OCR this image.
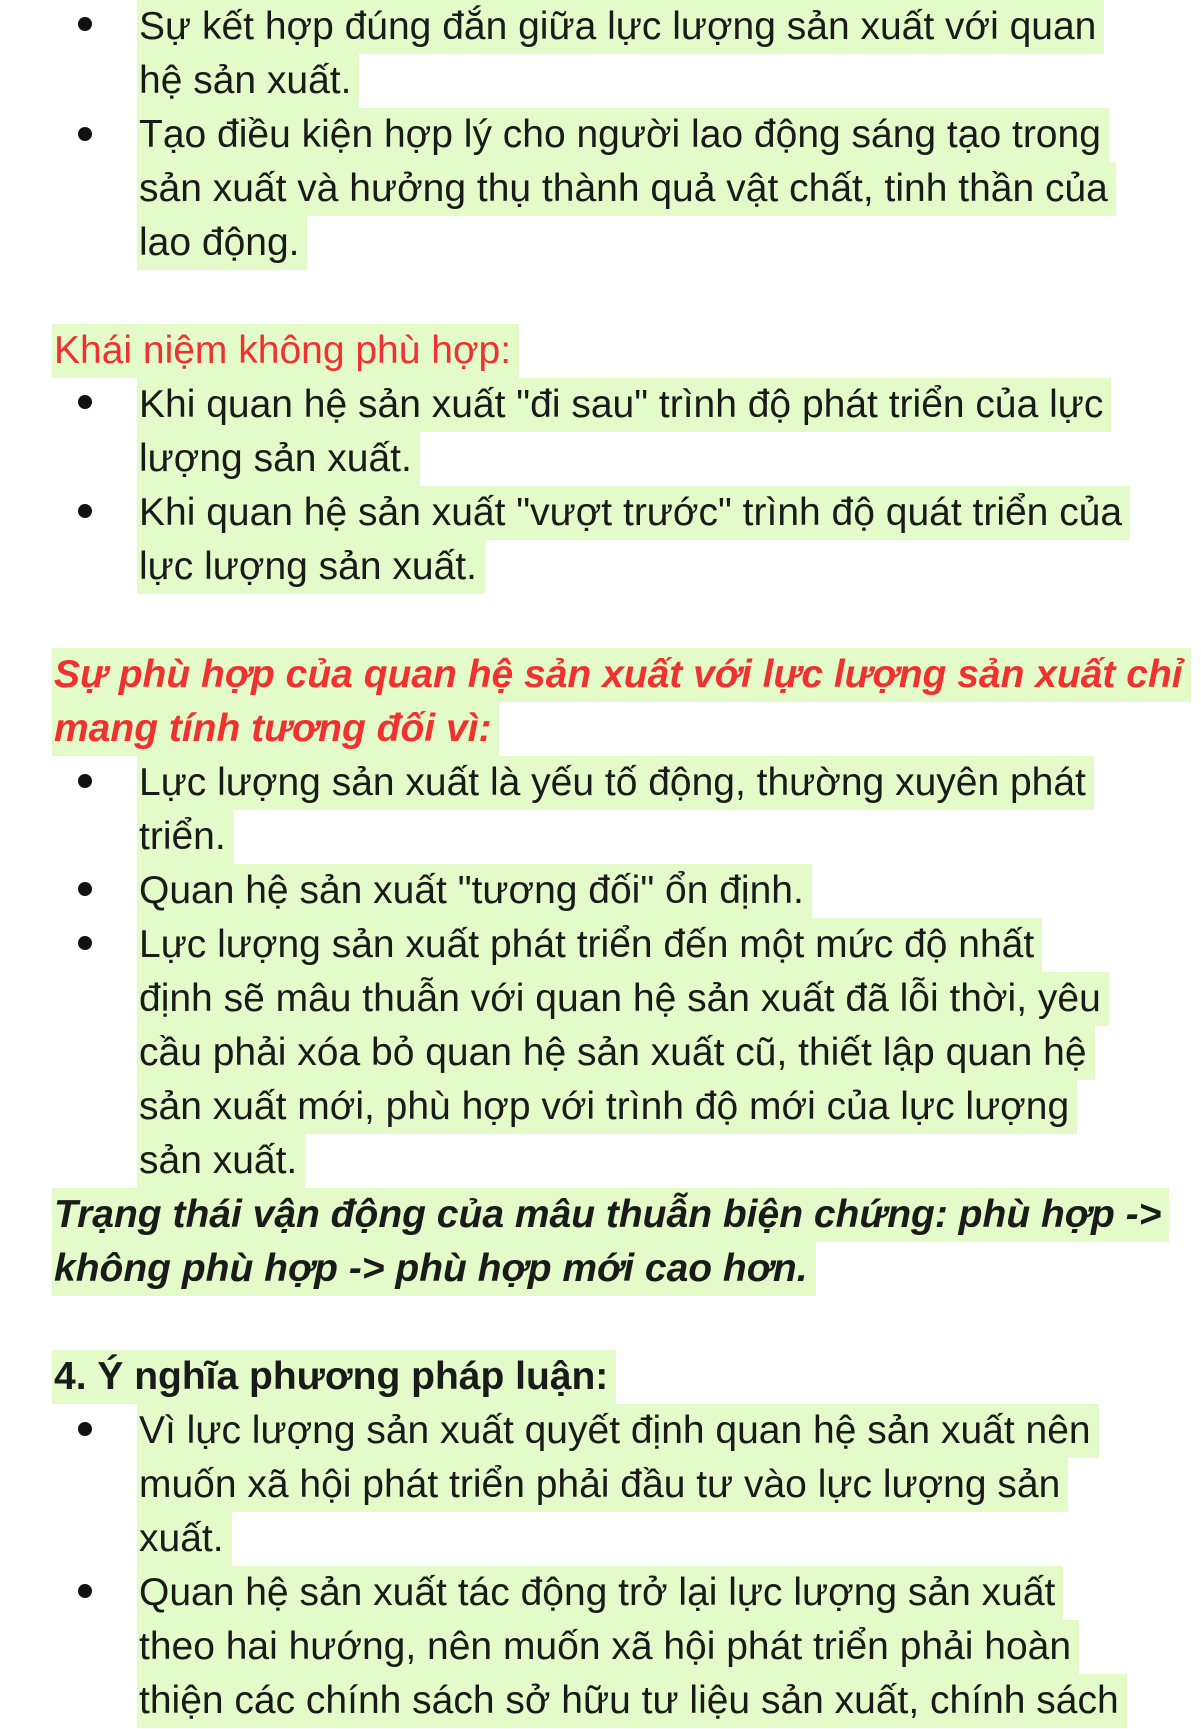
Sự kết hợp đúng đắn giữa lực lượng sản xuất với quan
hệ sản xuất.
Tạo điều kiện hợp lý cho người lao động sáng tạo trong
sản xuất và hưởng thụ thành quả vật chất, tinh thần của
lao động.
Khái niệm không phù hợp:
Khi quan hệ sản xuất "đi sau" trình độ phát triển của lực
lượng sản xuất.
Khi quan hệ sản xuất "vượt trước" trình độ quát triển của
lực lượng sản xuất.
Sự phù hợp của quan hệ sản xuất với lực lượng sản xuất chỉ
mang tính tương đối vì:
Lực lượng sản xuất là yếu tố động, thường xuyên phát
triển.
Quan hệ sản xuất "tương đối" ổn định.
Lực lượng sản xuất phát triển đến một mức độ nhất
định sẽ mâu thuẫn với quan hệ sản xuất đã lỗi thời, yêu
cầu phải xóa bỏ quan hệ sản xuất cũ, thiết lập quan hệ
sản xuất mới, phù hợp với trình độ mới của lực lượng
sản xuất.
Trạng thái vận động của mâu thuẫn biện chứng: phù hợp ->
không phù hợp -> phù hợp mới cao hơn.
4. Ý nghĩa phương pháp luận:
Vì lực lượng sản xuất quyết định quan hệ sản xuất nên
muốn xã hội phát triển phải đầu tư vào lực lượng sản
xuất.
Quan hệ sản xuất tác động trở lại lực lượng sản xuất
theo hai hướng, nên muốn xã hội phát triển phải hoàn
thiện các chính sách sở hữu tư liệu sản xuất, chính sách
